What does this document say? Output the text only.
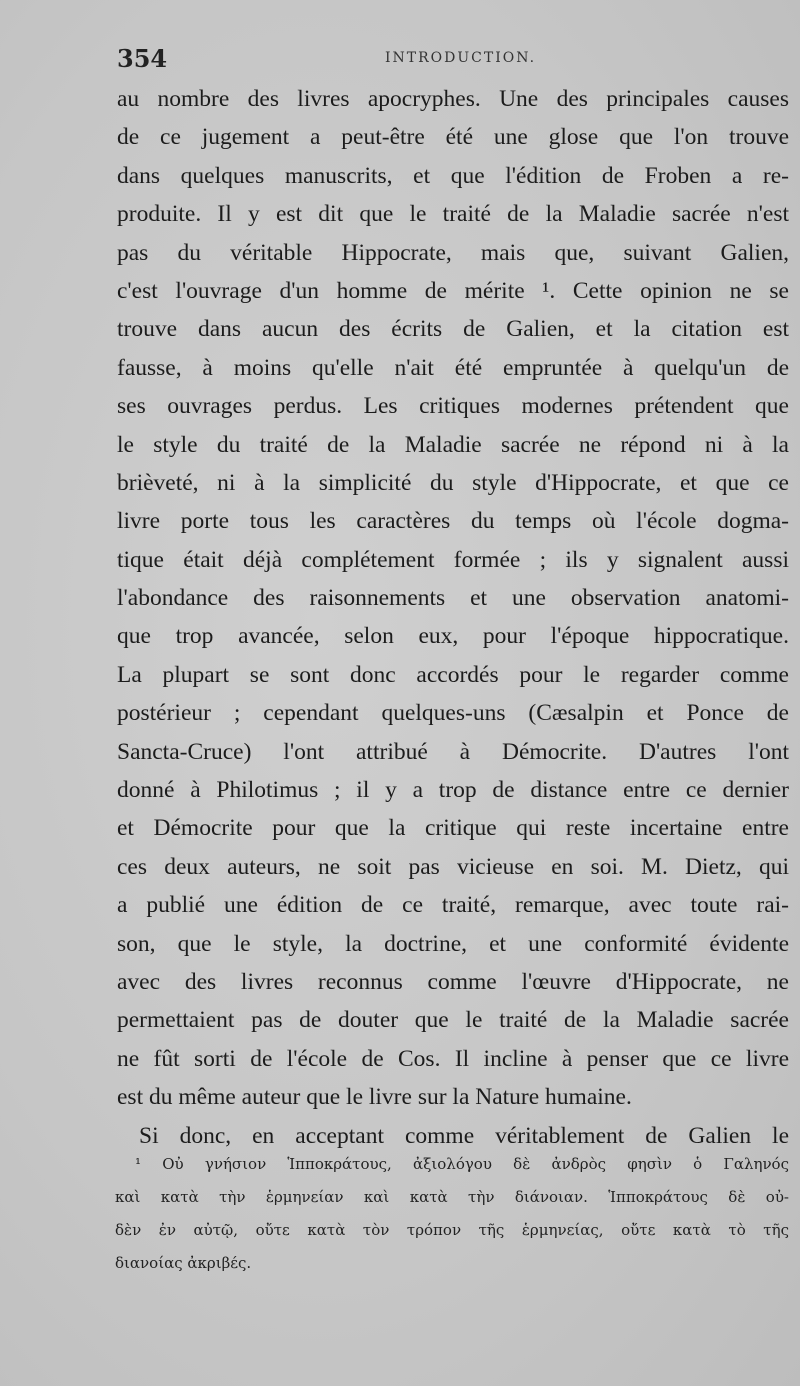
354	INTRODUCTION.
au nombre des livres apocryphes. Une des principales causes
de ce jugement a peut-être été une glose que l'on trouve
dans quelques manuscrits, et que l'édition de Froben a re-
produite. Il y est dit que le traité de la Maladie sacrée n'est
pas du véritable Hippocrate, mais que, suivant Galien,
c'est l'ouvrage d'un homme de mérite ¹. Cette opinion ne se
trouve dans aucun des écrits de Galien, et la citation est
fausse, à moins qu'elle n'ait été empruntée à quelqu'un de
ses ouvrages perdus. Les critiques modernes prétendent que
le style du traité de la Maladie sacrée ne répond ni à la
brièveté, ni à la simplicité du style d'Hippocrate, et que ce
livre porte tous les caractères du temps où l'école dogma-
tique était déjà complétement formée ; ils y signalent aussi
l'abondance des raisonnements et une observation anatomi-
que trop avancée, selon eux, pour l'époque hippocratique.
La plupart se sont donc accordés pour le regarder comme
postérieur ; cependant quelques-uns (Cæsalpin et Ponce de
Sancta-Cruce) l'ont attribué à Démocrite. D'autres l'ont
donné à Philotimus ; il y a trop de distance entre ce dernier
et Démocrite pour que la critique qui reste incertaine entre
ces deux auteurs, ne soit pas vicieuse en soi. M. Dietz, qui
a publié une édition de ce traité, remarque, avec toute rai-
son, que le style, la doctrine, et une conformité évidente
avec des livres reconnus comme l'œuvre d'Hippocrate, ne
permettaient pas de douter que le traité de la Maladie sacrée
ne fût sorti de l'école de Cos. Il incline à penser que ce livre
est du même auteur que le livre sur la Nature humaine.
Si donc, en acceptant comme véritablement de Galien le
¹ Οὐ γνήσιον Ἱπποκράτους, ἀξιολόγου δὲ ἀνδρὸς φησὶν ὁ Γαληνός
καὶ κατὰ τὴν ἑρμηνείαν καὶ κατὰ τὴν διάνοιαν. Ἱπποκράτους δὲ οὐ-
δὲν ἐν αὐτῷ, οὔτε κατὰ τὸν τρόπον τῆς ἑρμηνείας, οὔτε κατὰ τὸ τῆς
διανοίας ἀκριβές.
